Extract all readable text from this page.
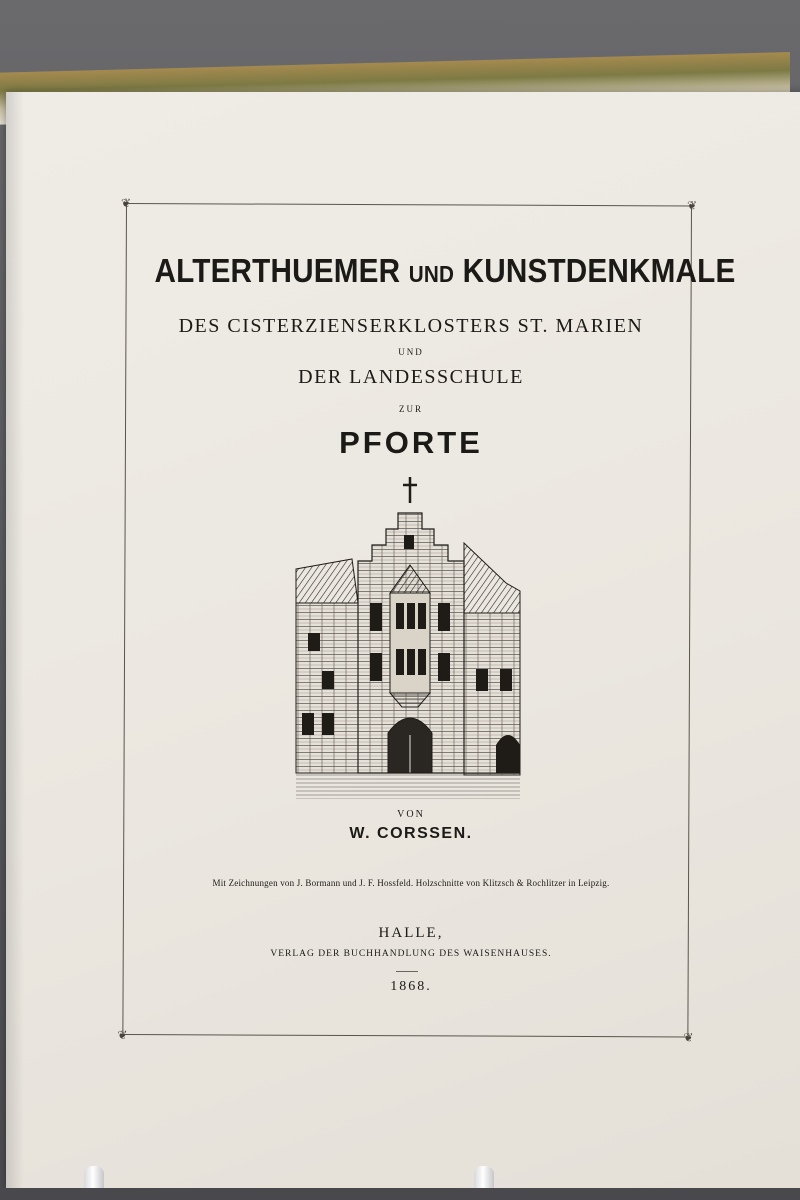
❦	❦
❦	❦
ALTERTHUEMER UND KUNSTDENKMALE

DES CISTERZIENSERKLOSTERS ST. MARIEN

UND

DER LANDESSCHULE

ZUR

PFORTE

VON

W. CORSSEN.

Mit Zeichnungen von J. Bormann und J. F. Hossfeld. Holzschnitte von Klitzsch & Rochlitzer in Leipzig.

HALLE,

VERLAG DER BUCHHANDLUNG DES WAISENHAUSES.

1868.
